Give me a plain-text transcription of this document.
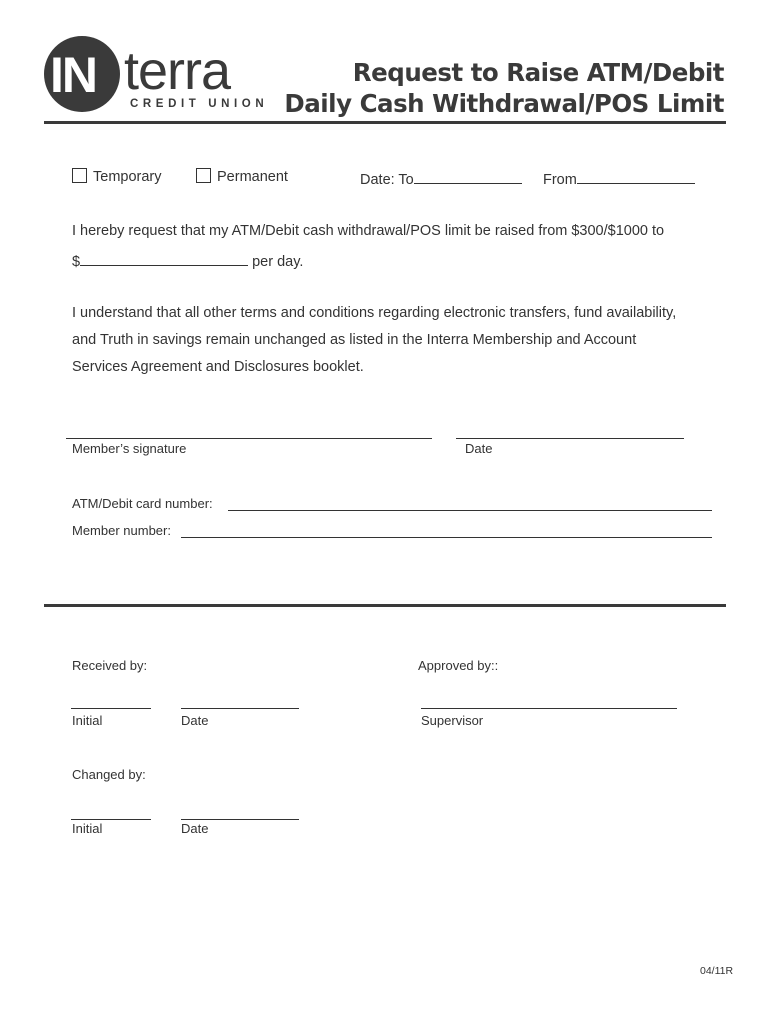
IN terra
CREDIT UNION
Request to Raise ATM/Debit
Daily Cash Withdrawal/POS Limit
Temporary	Permanent	Date: To	From
I hereby request that my ATM/Debit cash withdrawal/POS limit be raised from $300/$1000 to
$	per day.
I understand that all other terms and conditions regarding electronic transfers, fund availability,
and Truth in savings remain unchanged as listed in the Interra Membership and Account
Services Agreement and Disclosures booklet.
Member’s signature	Date
ATM/Debit card number:
Member number:
Received by:	Approved by::
Initial	Date	Supervisor
Changed by:
Initial	Date
04/11R
